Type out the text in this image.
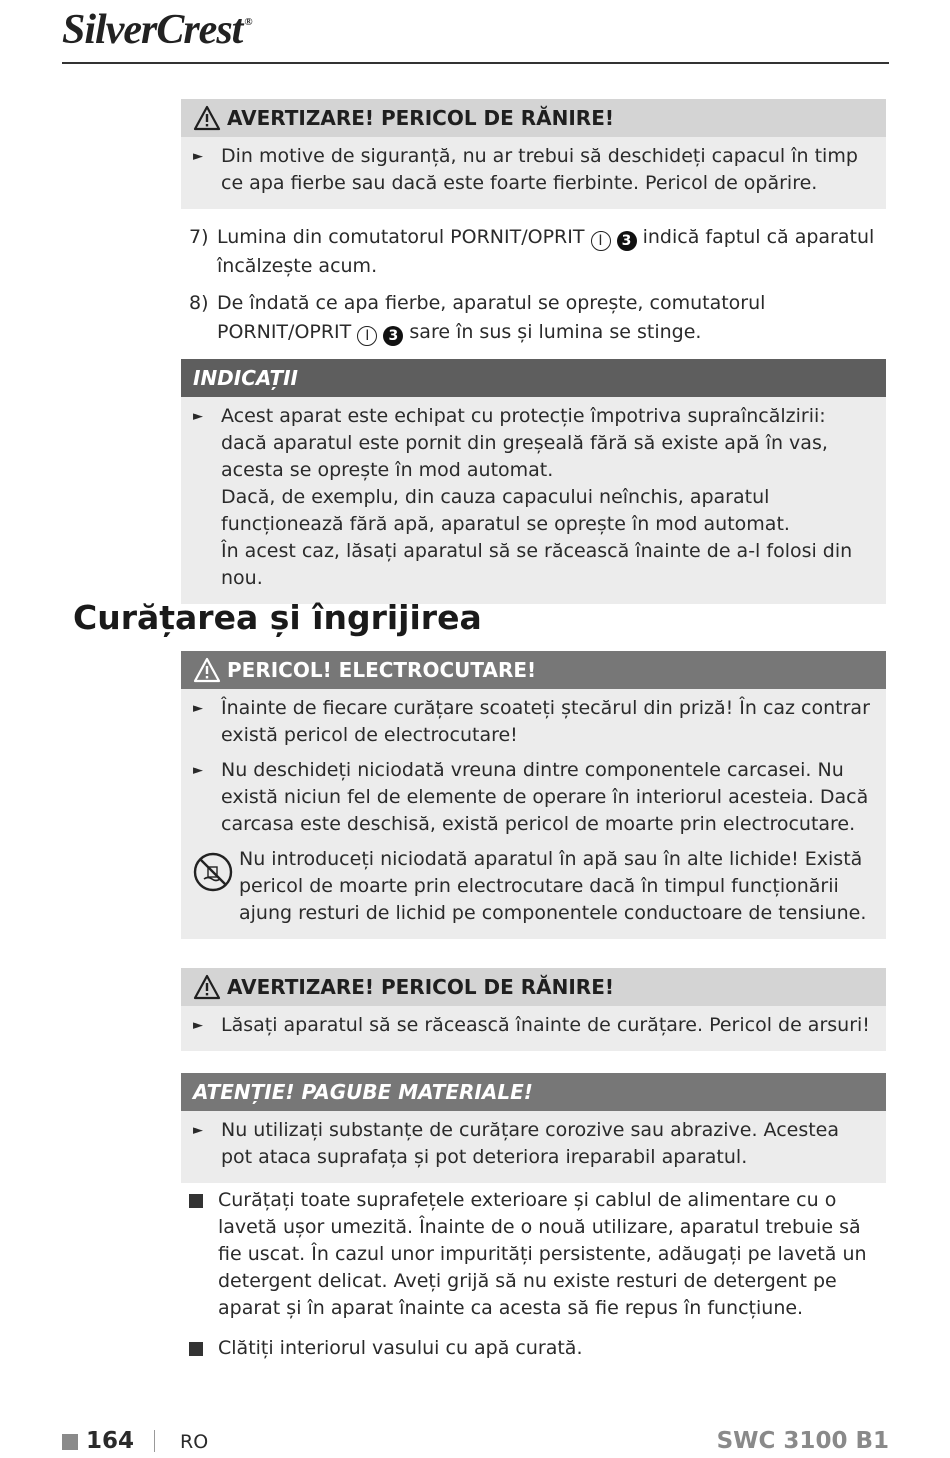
SilverCrest ®
AVERTIZARE! PERICOL DE RĂNIRE!
► Din motive de siguranță, nu ar trebui să deschideți capacul în timp ce apa fierbe sau dacă este foarte fierbinte. Pericol de opărire.
7) Lumina din comutatorul PORNIT/OPRIT I 3 indică faptul că aparatul încălzește acum.
8) De îndată ce apa fierbe, aparatul se oprește, comutatorul PORNIT/OPRIT I 3 sare în sus și lumina se stinge.
INDICAȚII
► Acest aparat este echipat cu protecție împotriva supraîncălzirii: dacă aparatul este pornit din greșeală fără să existe apă în vas, acesta se oprește în mod automat.
Dacă, de exemplu, din cauza capacului neînchis, aparatul funcționează fără apă, aparatul se oprește în mod automat.
În acest caz, lăsați aparatul să se răcească înainte de a-l folosi din nou.
Curățarea și îngrijirea
PERICOL! ELECTROCUTARE!
► Înainte de fiecare curățare scoateți ștecărul din priză! În caz contrar există pericol de electrocutare!
► Nu deschideți niciodată vreuna dintre componentele carcasei. Nu există niciun fel de elemente de operare în interiorul acesteia. Dacă carcasa este deschisă, există pericol de moarte prin electrocutare.
Nu introduceți niciodată aparatul în apă sau în alte lichide! Există pericol de moarte prin electrocutare dacă în timpul funcționării ajung resturi de lichid pe componentele conductoare de tensiune.
AVERTIZARE! PERICOL DE RĂNIRE!
► Lăsați aparatul să se răcească înainte de curățare. Pericol de arsuri!
ATENȚIE! PAGUBE MATERIALE!
► Nu utilizați substanțe de curățare corozive sau abrazive. Acestea pot ataca suprafața și pot deteriora ireparabil aparatul.
Curățați toate suprafețele exterioare și cablul de alimentare cu o lavetă ușor umezită. Înainte de o nouă utilizare, aparatul trebuie să fie uscat. În cazul unor impurități persistente, adăugați pe lavetă un detergent delicat. Aveți grijă să nu existe resturi de detergent pe aparat și în aparat înainte ca acesta să fie repus în funcțiune.
Clătiți interiorul vasului cu apă curată.
164 RO	SWC 3100 B1
